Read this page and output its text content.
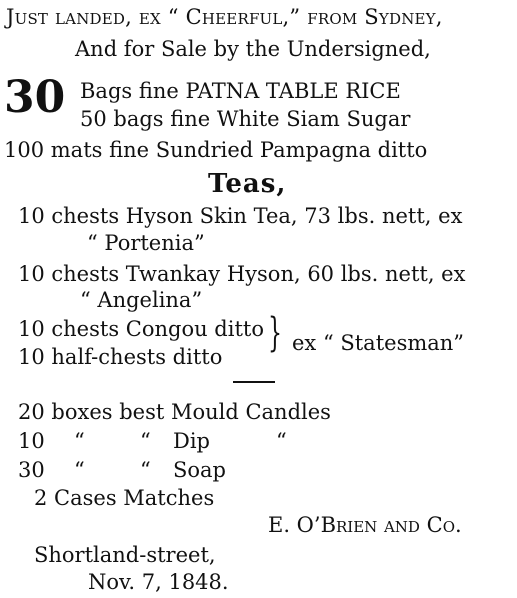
Just landed, ex “ Cheerful,” from Sydney,
And for Sale by the Undersigned,
30 Bags fine PATNA TABLE RICE
50 bags fine White Siam Sugar
100 mats fine Sundried Pampagna ditto
Teas,
10 chests Hyson Skin Tea, 73 lbs. nett, ex
“ Portenia”
10 chests Twankay Hyson, 60 lbs. nett, ex
“ Angelina”
10 chests Congou ditto
10 half-chests ditto
} ex “ Statesman”
20 boxes best Mould Candles
10 “	“ Dip	“
30 “	“ Soap
2 Cases Matches
E. O’Brien and Co.
Shortland-street,
Nov. 7, 1848.
